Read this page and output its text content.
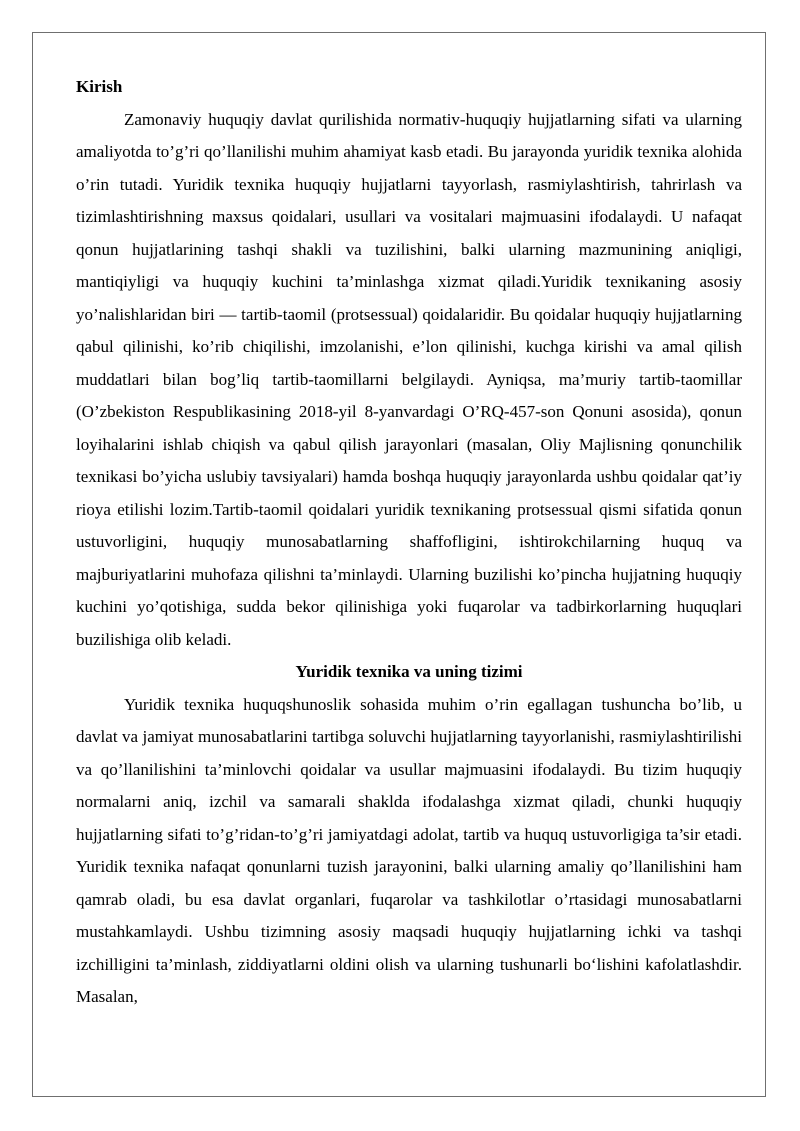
Kirish

Zamonaviy huquqiy davlat qurilishida normativ-huquqiy hujjatlarning sifati va ularning amaliyotda to’g’ri qo’llanilishi muhim ahamiyat kasb etadi. Bu jarayonda yuridik texnika alohida o’rin tutadi. Yuridik texnika huquqiy hujjatlarni tayyorlash, rasmiylashtirish, tahrirlash va tizimlashtirishning maxsus qoidalari, usullari va vositalari majmuasini ifodalaydi. U nafaqat qonun hujjatlarining tashqi shakli va tuzilishini, balki ularning mazmunining aniqligi, mantiqiyligi va huquqiy kuchini ta’minlashga xizmat qiladi.Yuridik texnikaning asosiy yo’nalishlaridan biri — tartib-taomil (protsessual) qoidalaridir. Bu qoidalar huquqiy hujjatlarning qabul qilinishi, ko’rib chiqilishi, imzolanishi, e’lon qilinishi, kuchga kirishi va amal qilish muddatlari bilan bog’liq tartib-taomillarni belgilaydi. Ayniqsa, ma’muriy tartib-taomillar (O’zbekiston Respublikasining 2018-yil 8-yanvardagi O’RQ-457-son Qonuni asosida), qonun loyihalarini ishlab chiqish va qabul qilish jarayonlari (masalan, Oliy Majlisning qonunchilik texnikasi bo’yicha uslubiy tavsiyalari) hamda boshqa huquqiy jarayonlarda ushbu qoidalar qat’iy rioya etilishi lozim.Tartib-taomil qoidalari yuridik texnikaning protsessual qismi sifatida qonun ustuvorligini, huquqiy munosabatlarning shaffofligini, ishtirokchilarning huquq va majburiyatlarini muhofaza qilishni ta’minlaydi. Ularning buzilishi ko’pincha hujjatning huquqiy kuchini yo’qotishiga, sudda bekor qilinishiga yoki fuqarolar va tadbirkorlarning huquqlari buzilishiga olib keladi.

Yuridik texnika va uning tizimi

Yuridik texnika huquqshunoslik sohasida muhim o’rin egallagan tushuncha bo’lib, u davlat va jamiyat munosabatlarini tartibga soluvchi hujjatlarning tayyorlanishi, rasmiylashtirilishi va qo’llanilishini ta’minlovchi qoidalar va usullar majmuasini ifodalaydi. Bu tizim huquqiy normalarni aniq, izchil va samarali shaklda ifodalashga xizmat qiladi, chunki huquqiy hujjatlarning sifati to’g’ridan-to’g’ri jamiyatdagi adolat, tartib va huquq ustuvorligiga ta’sir etadi. Yuridik texnika nafaqat qonunlarni tuzish jarayonini, balki ularning amaliy qo’llanilishini ham qamrab oladi, bu esa davlat organlari, fuqarolar va tashkilotlar o’rtasidagi munosabatlarni mustahkamlaydi. Ushbu tizimning asosiy maqsadi huquqiy hujjatlarning ichki va tashqi izchilligini ta’minlash, ziddiyatlarni oldini olish va ularning tushunarli bo‘lishini kafolatlashdir. Masalan,
